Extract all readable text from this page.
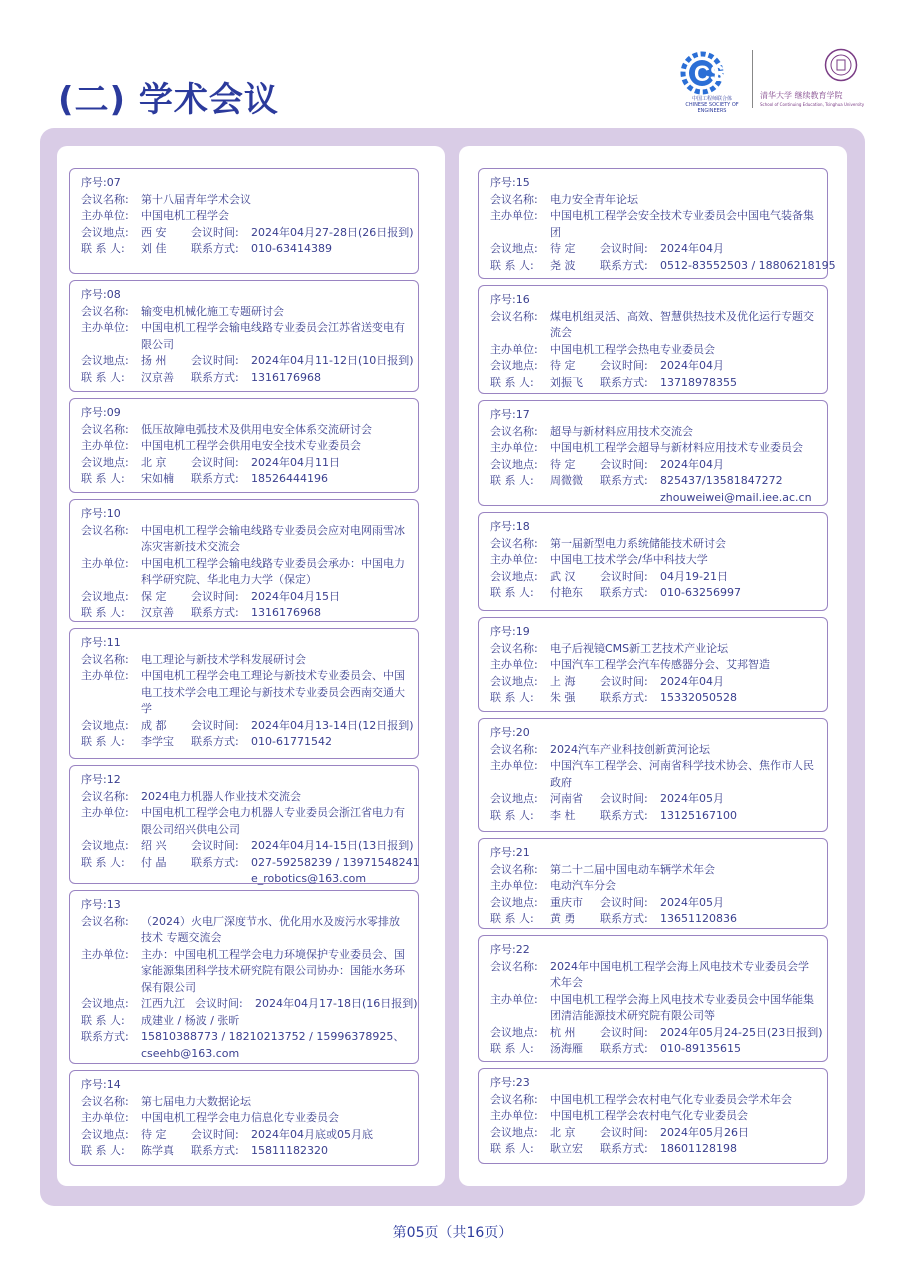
(二) 学术会议
CSE
中国工程师联合体
CHINESE SOCIETY OF ENGINEERS
清华大学 继续教育学院
School of Continuing Education, Tsinghua University
第05页（共16页）
序号: 07
会议名称:	第十八届青年学术会议
主办单位:	中国电机工程学会
会议地点:	西 安	会议时间:	2024年04月27-28日(26日报到)
联 系 人:	刘 佳	联系方式:	010-63414389
序号: 08
会议名称:	输变电机械化施工专题研讨会
主办单位:	中国电机工程学会输电线路专业委员会江苏省送变电有限公司
会议地点:	扬 州	会议时间:	2024年04月11-12日(10日报到)
联 系 人:	汉京善	联系方式:	1316176968
序号: 09
会议名称:	低压故障电弧技术及供用电安全体系交流研讨会
主办单位:	中国电机工程学会供用电安全技术专业委员会
会议地点:	北 京	会议时间:	2024年04月11日
联 系 人:	宋如楠	联系方式:	18526444196
序号: 10
会议名称:	中国电机工程学会输电线路专业委员会应对电网雨雪冰冻灾害新技术交流会
主办单位:	中国电机工程学会输电线路专业委员会承办：中国电力科学研究院、华北电力大学（保定）
会议地点:	保 定	会议时间:	2024年04月15日
联 系 人:	汉京善	联系方式:	1316176968
序号: 11
会议名称:	电工理论与新技术学科发展研讨会
主办单位:	中国电机工程学会电工理论与新技术专业委员会、中国电工技术学会电工理论与新技术专业委员会西南交通大学
会议地点:	成 都	会议时间:	2024年04月13-14日(12日报到)
联 系 人:	李学宝	联系方式:	010-61771542
序号: 12
会议名称:	2024电力机器人作业技术交流会
主办单位:	中国电机工程学会电力机器人专业委员会浙江省电力有限公司绍兴供电公司
会议地点:	绍 兴	会议时间:	2024年04月14-15日(13日报到)
联 系 人:	付 晶	联系方式:	027-59258239 / 13971548241
e_robotics@163.com
序号: 13
会议名称:	（2024）火电厂深度节水、优化用水及废污水零排放技术 专题交流会
主办单位:	主办：中国电机工程学会电力环境保护专业委员会、国家能源集团科学技术研究院有限公司协办：国能水务环保有限公司
会议地点:	江西九江 会议时间:	2024年04月17-18日(16日报到)
联 系 人:	成建业 / 杨波 / 张昕
联系方式:	15810388773 / 18210213752 / 15996378925、cseehb@163.com
序号: 14
会议名称:	第七届电力大数据论坛
主办单位:	中国电机工程学会电力信息化专业委员会
会议地点:	待 定	会议时间:	2024年04月底或05月底
联 系 人:	陈学真	联系方式:	15811182320
序号: 15
会议名称:	电力安全青年论坛
主办单位:	中国电机工程学会安全技术专业委员会中国电气装备集团
会议地点:	待 定	会议时间:	2024年04月
联 系 人:	尧 波	联系方式:	0512-83552503 / 18806218195
序号: 16
会议名称:	煤电机组灵活、高效、智慧供热技术及优化运行专题交流会
主办单位:	中国电机工程学会热电专业委员会
会议地点:	待 定	会议时间:	2024年04月
联 系 人:	刘振飞	联系方式:	13718978355
序号: 17
会议名称:	超导与新材料应用技术交流会
主办单位:	中国电机工程学会超导与新材料应用技术专业委员会
会议地点:	待 定	会议时间:	2024年04月
联 系 人:	周微微	联系方式:	825437/13581847272
zhouweiwei@mail.iee.ac.cn
序号: 18
会议名称:	第一届新型电力系统储能技术研讨会
主办单位:	中国电工技术学会/华中科技大学
会议地点:	武 汉	会议时间:	04月19-21日
联 系 人:	付艳东	联系方式:	010-63256997
序号: 19
会议名称:	电子后视镜CMS新工艺技术产业论坛
主办单位:	中国汽车工程学会汽车传感器分会、艾邦智造
会议地点:	上 海	会议时间:	2024年04月
联 系 人:	朱 强	联系方式:	15332050528
序号: 20
会议名称:	2024汽车产业科技创新黄河论坛
主办单位:	中国汽车工程学会、河南省科学技术协会、焦作市人民政府
会议地点:	河南省	会议时间:	2024年05月
联 系 人:	李 杜	联系方式:	13125167100
序号: 21
会议名称:	第二十二届中国电动车辆学术年会
主办单位:	电动汽车分会
会议地点:	重庆市	会议时间:	2024年05月
联 系 人:	黄 勇	联系方式:	13651120836
序号: 22
会议名称:	2024年中国电机工程学会海上风电技术专业委员会学术年会
主办单位:	中国电机工程学会海上风电技术专业委员会中国华能集团清洁能源技术研究院有限公司等
会议地点:	杭 州	会议时间:	2024年05月24-25日(23日报到)
联 系 人:	汤海雁	联系方式:	010-89135615
序号: 23
会议名称:	中国电机工程学会农村电气化专业委员会学术年会
主办单位:	中国电机工程学会农村电气化专业委员会
会议地点:	北 京	会议时间:	2024年05月26日
联 系 人:	耿立宏	联系方式:	18601128198
